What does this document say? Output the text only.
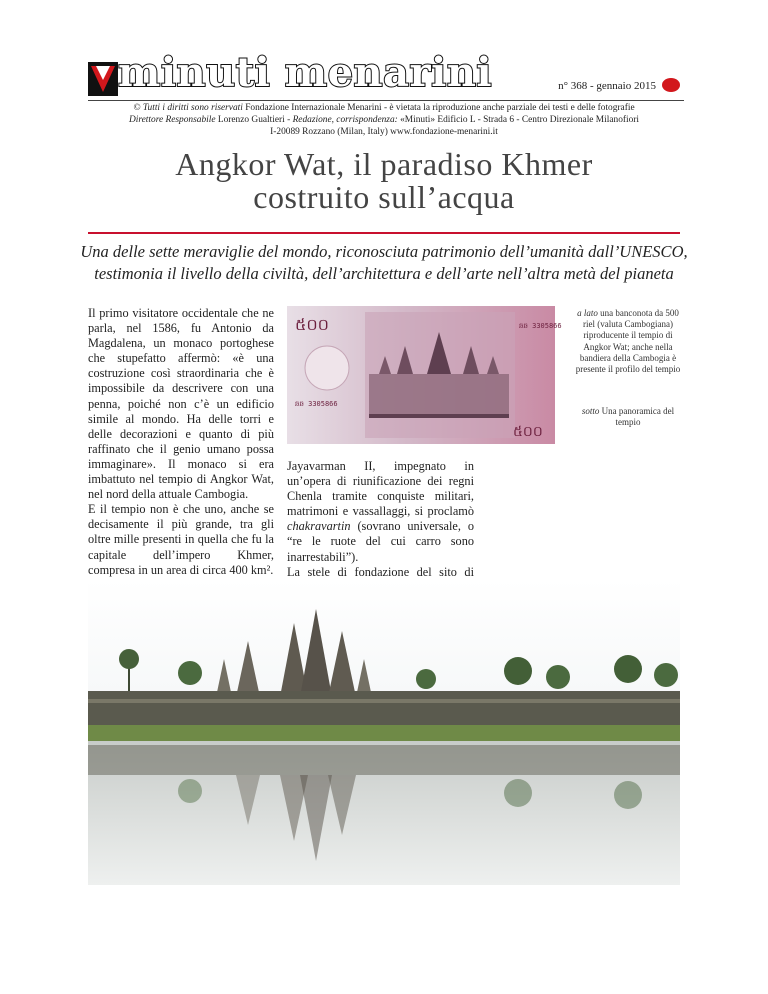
minuti menarini	n° 368 - gennaio 2015
© Tutti i diritti sono riservati Fondazione Internazionale Menarini - è vietata la riproduzione anche parziale dei testi e delle fotografie
Direttore Responsabile Lorenzo Gualtieri - Redazione, corrispondenza: «Minuti» Edificio L - Strada 6 - Centro Direzionale Milanofiori
I-20089 Rozzano (Milan, Italy) www.fondazione-menarini.it
Angkor Wat, il paradiso Khmer
costruito sull’acqua
Una delle sette meraviglie del mondo, riconosciuta patrimonio dell’umanità dall’UNESCO,
testimonia il livello della civiltà, dell’architettura e dell’arte nell’altra metà del pianeta

Il primo visitatore occidentale che ne parla, nel 1586, fu Antonio da Magdalena, un monaco portoghese che stupefatto affermò: «è una costruzione così straordinaria che è impossibile da descrivere con una penna, poiché non c’è un edificio simile al mondo. Ha delle torri e delle decorazioni e quanto di più raffinato che il genio umano possa immaginare». Il monaco si era imbattuto nel tempio di Angkor Wat, nel nord della attuale Cambogia.

E il tempio non è che uno, anche se decisamente il più grande, tra gli oltre mille presenti in quella che fu la capitale dell’impero Khmer, compresa in un area di circa 400 km².

៥០០
៥០០
ឆឆ 3305866
ឆឆ 3305866
a lato una banconota da 500 riel (valuta Cambogiana) riproducente il tempio di Angkor Wat; anche nella bandiera della Cambogia è presente il profilo del tempio
sotto Una panoramica del tempio

Jayavarman II, impegnato in un’opera di riunificazione dei regni Chenla tramite conquiste militari, matrimoni e vassallaggi, si proclamò chakravartin (sovrano universale, o “re le ruote del cui carro sono inarrestabili”).

La stele di fondazione del sito di
